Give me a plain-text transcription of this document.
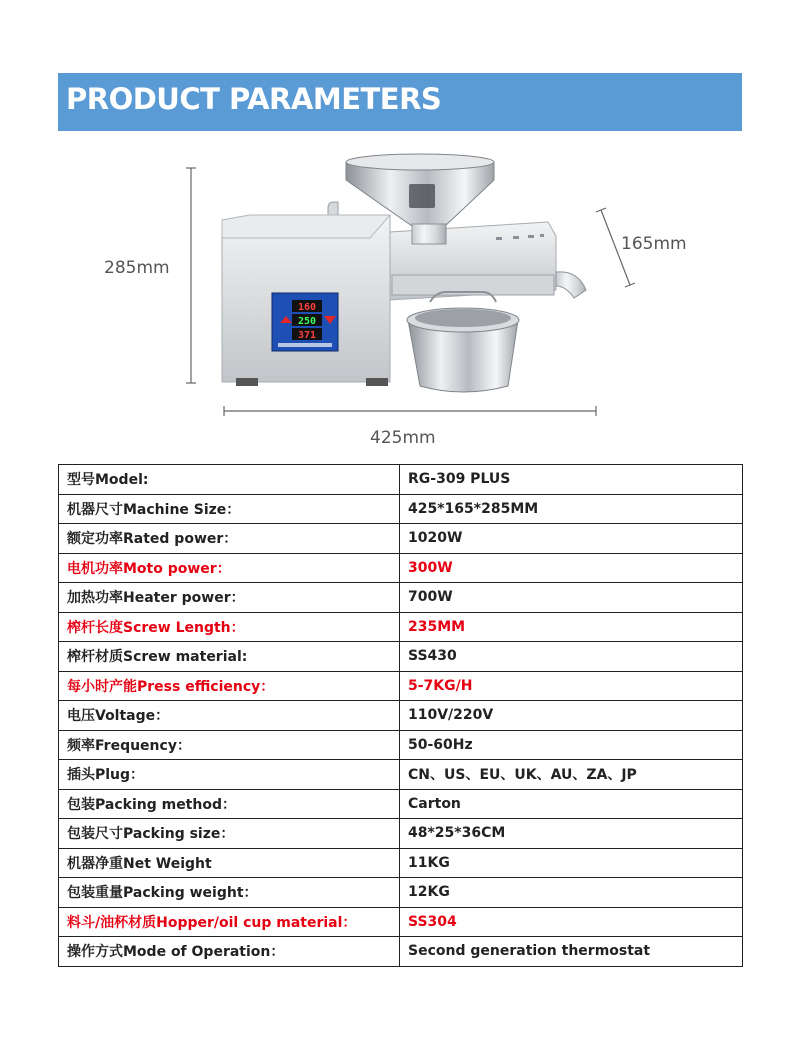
PRODUCT PARAMETERS
160
250
371
285mm
165mm
425mm
型号Model:	RG-309 PLUS
机器尺寸Machine Size：	425*165*285MM
额定功率Rated power：	1020W
电机功率Moto power：	300W
加热功率Heater power：	700W
榨杆长度Screw Length：	235MM
榨杆材质Screw material:	SS430
每小时产能Press efficiency：	5-7KG/H
电压Voltage：	110V/220V
频率Frequency：	50-60Hz
插头Plug：	CN、US、EU、UK、AU、ZA、JP
包装Packing method：	Carton
包装尺寸Packing size：	48*25*36CM
机器净重Net Weight	11KG
包装重量Packing weight：	12KG
料斗/油杯材质Hopper/oil cup material：	SS304
操作方式Mode of Operation：	Second generation thermostat
